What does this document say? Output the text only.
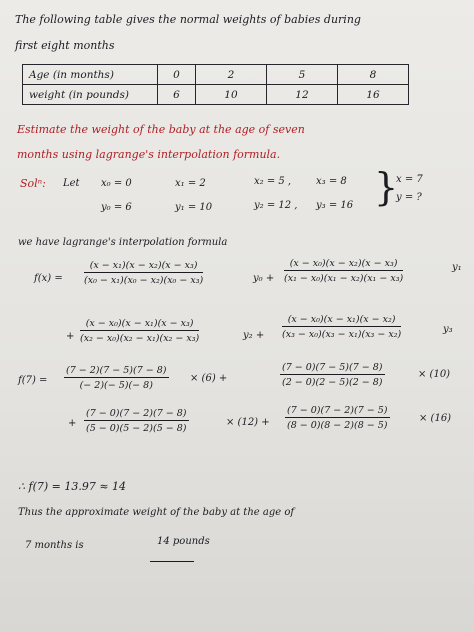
The following table gives the normal weights of babies during
first eight months
Age (in months)	0	2	5	8
weight (in pounds)	6	10	12	16
Estimate the weight of the baby at the age of seven
months using lagrange's interpolation formula.
Solⁿ: Let x₀ = 0	x₁ = 2	x₂ = 5 , x₃ = 8
y₀ = 6	y₁ = 10	y₂ = 12 , y₃ = 16 }
x = 7
y = ?
we have lagrange's interpolation formula
$f(x) = \frac{\text{(x − x₁)(x − x₂)(x − x₃)}}{\text{(x₀ − x₁)(x₀ − x₂)(x₀ − x₃)}}$	$y_0 + \frac{\text{(x − x₀)(x − x₂)(x − x₃)}}{\text{(x₁ − x₀)(x₁ − x₂)(x₁ − x₃)}}$	y₁
+ $\frac{\text{(x − x₀)(x − x₁)(x − x₃)}}{\text{(x₂ − x₀)(x₂ − x₁)(x₂ − x₃)}}$	$y_2 + \frac{\text{(x − x₀)(x − x₁)(x − x₂)}}{\text{(x₃ − x₀)(x₃ − x₁)(x₃ − x₂)}}$	y₃
$f(7) = \frac{(7 - 2)(7 - 5)(7 - 8)}{(- 2)(- 5)(- 8)} \times (6)$ +	$\frac{(7 - 0)(7 - 5)(7 - 8)}{(2 - 0)(2 - 5)(2 - 8)}$	× (10)
+ $\frac{(7 - 0)(7 - 2)(7 - 8)}{(5 - 0)(5 - 2)(5 - 8)}$	× $(12) + \frac{(7 - 0)(7 - 2)(7 - 5)}{(8 - 0)(8 - 2)(8 - 5)}$	× (16)
∴ f(7) = 13.97 ≈ 14
Thus the approximate weight of the baby at the age of
7 months is	14 pounds
